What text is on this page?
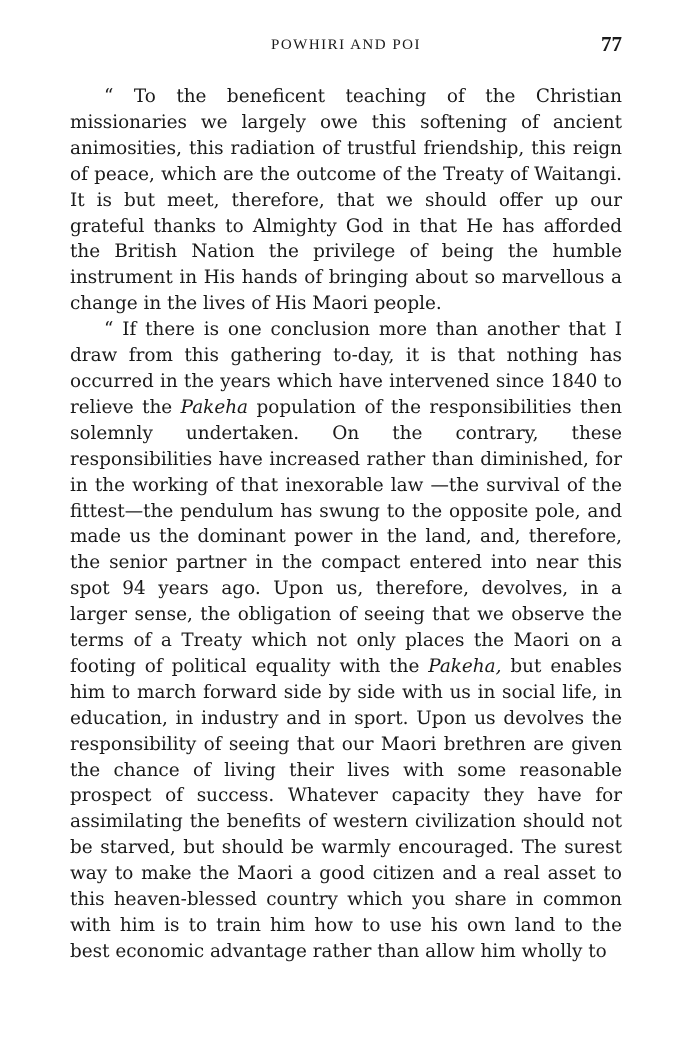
POWHIRI AND POI	77

“ To the beneficent teaching of the Christian missionaries we largely owe this softening of ancient animosities, this radiation of trustful friendship, this reign of peace, which are the outcome of the Treaty of Waitangi. It is but meet, therefore, that we should offer up our grateful thanks to Almighty God in that He has afforded the British Nation the privilege of being the humble instrument in His hands of bringing about so marvellous a change in the lives of His Maori people.

“ If there is one conclusion more than another that I draw from this gathering to-day, it is that nothing has occurred in the years which have intervened since 1840 to relieve the Pakeha population of the responsibilities then solemnly undertaken. On the contrary, these responsibilities have increased rather than diminished, for in the working of that inexorable law —the survival of the fittest—the pendulum has swung to the opposite pole, and made us the dominant power in the land, and, therefore, the senior partner in the compact entered into near this spot 94 years ago. Upon us, therefore, devolves, in a larger sense, the obligation of seeing that we observe the terms of a Treaty which not only places the Maori on a footing of political equality with the Pakeha, but enables him to march forward side by side with us in social life, in education, in industry and in sport. Upon us devolves the responsibility of seeing that our Maori brethren are given the chance of living their lives with some reasonable prospect of success. Whatever capacity they have for assimilating the benefits of western civilization should not be starved, but should be warmly encouraged. The surest way to make the Maori a good citizen and a real asset to this heaven-blessed country which you share in common with him is to train him how to use his own land to the best economic advantage rather than allow him wholly to
